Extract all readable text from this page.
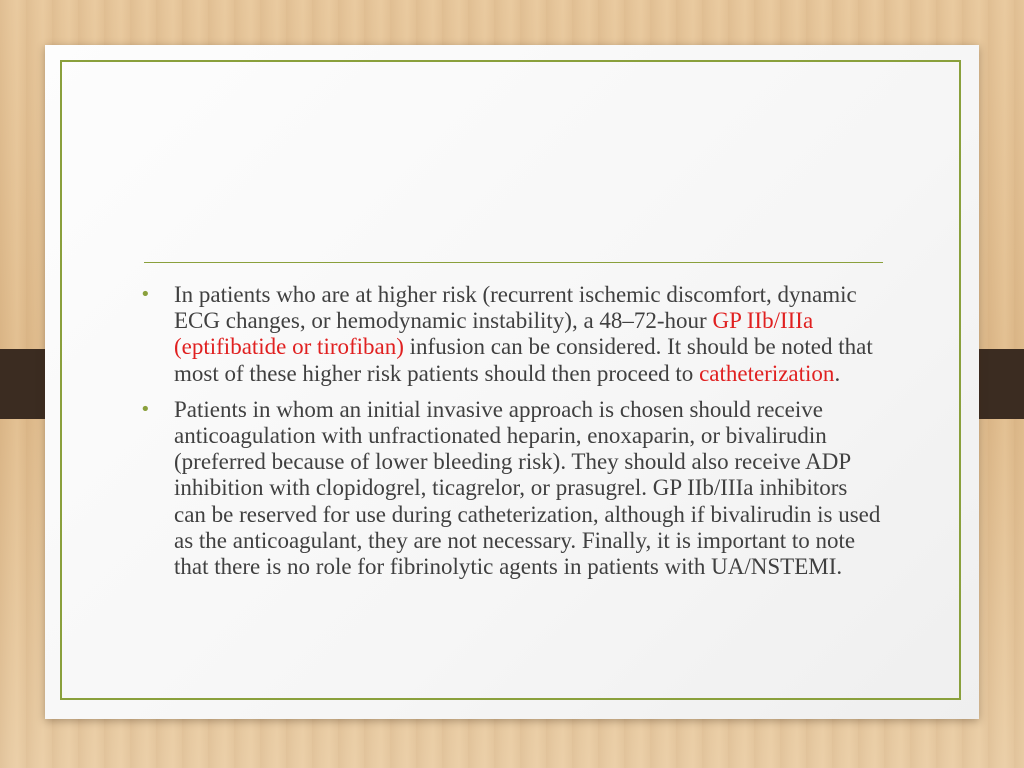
• In patients who are at higher risk (recurrent ischemic discomfort, dynamic ECG changes, or hemodynamic instability), a 48–72-hour GP IIb/IIIa (eptifibatide or tirofiban) infusion can be considered. It should be noted that most of these higher risk patients should then proceed to catheterization.
• Patients in whom an initial invasive approach is chosen should receive anticoagulation with unfractionated heparin, enoxaparin, or bivalirudin (preferred because of lower bleeding risk). They should also receive ADP inhibition with clopidogrel, ticagrelor, or prasugrel. GP IIb/IIIa inhibitors can be reserved for use during catheterization, although if bivalirudin is used as the anticoagulant, they are not necessary. Finally, it is important to note that there is no role for fibrinolytic agents in patients with UA/NSTEMI.
